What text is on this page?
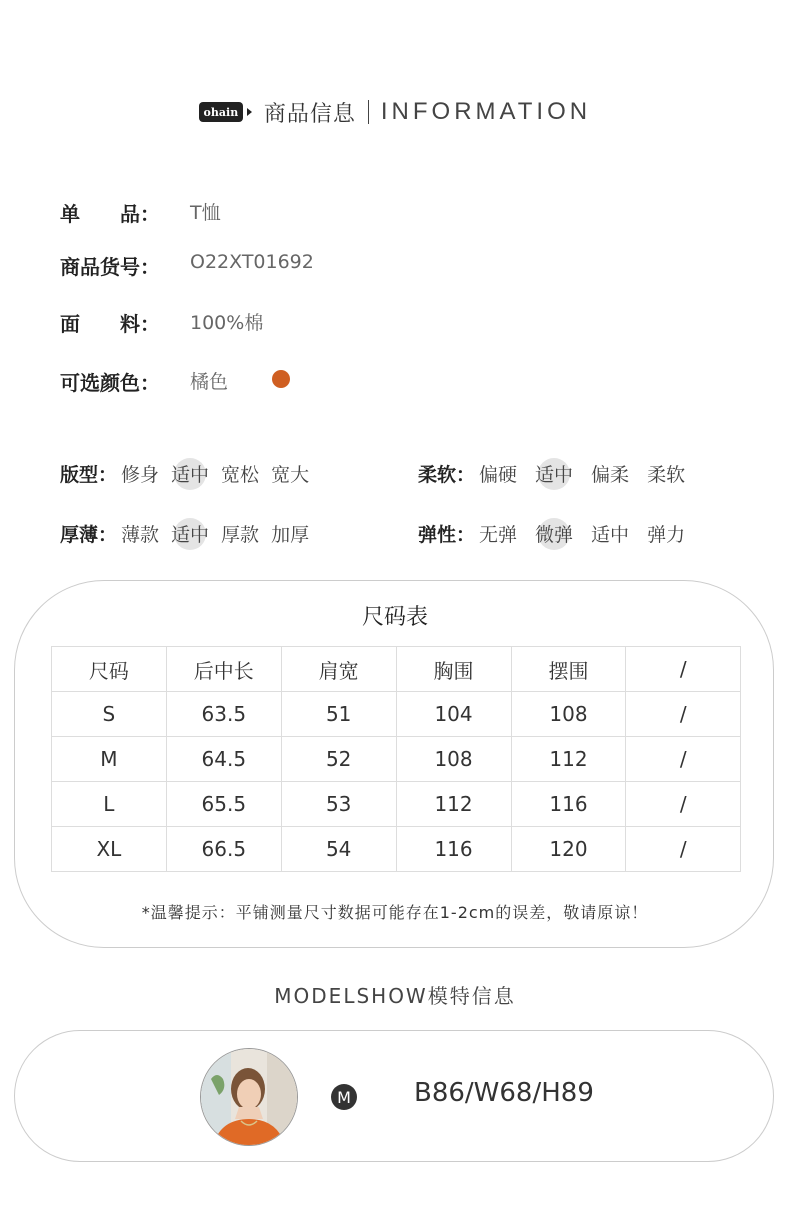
ohain 商品信息 INFORMATION
单 品： T恤
商品货号：	O22XT01692
面 料： 100%棉
可选颜色：	橘色
版型： 修身 适中 宽松 宽大	柔软： 偏硬 适中 偏柔 柔软
厚薄： 薄款 适中 厚款 加厚	弹性： 无弹 微弹 适中 弹力
尺码表
尺码	后中长	肩宽	胸围	摆围	/
S	63.5	51	104	108	/
M	64.5	52	108	112	/
L	65.5	53	112	116	/
XL	66.5	54	116	120	/
*温馨提示：平铺测量尺寸数据可能存在1-2cm的误差，敬请原谅！
MODELSHOW模特信息
M B86/W68/H89
